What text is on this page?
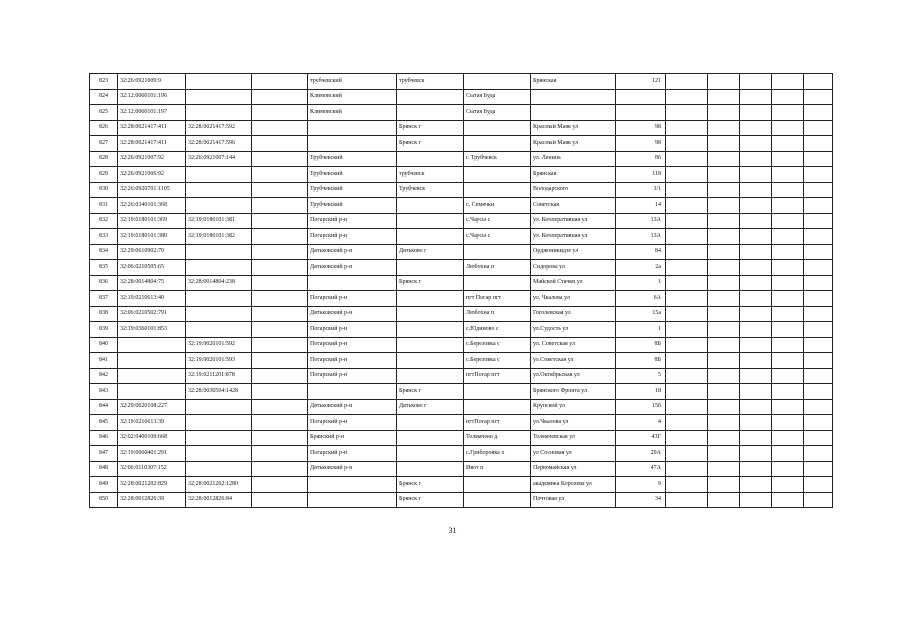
823	32:26:0921009:9			трубчевский	трубчевск		Брянская	121					
824	32:12:0060101:196			Климовский		Сытая Буда							
825	32:12:0060101:197			Климовский		Сытая Буда							
826	32:28:0021417:411	32:28:0021417:592			Брянск г		Красный Маяк ул	98					
827	32:28:0021417:411	32:28:0021417:596			Брянск г		Красный Маяк ул	98					
828	32:26:0921007:92	32:26:0921007:144		Трубчевский		г. Трубчевск	ул. Ленина	86					
829	32:26:0921006:92			Трубчевский	трубчевск		Брянская	118					
830	32:26:0920701:1105			Трубчевский	Трубчевск		Володарского	3/1					
831	32:26:0340101:368			Трубчевский		с. Семячки	Советская	14					
832	32:19:0180101:369	32:19:0180101:381		Погарский р-н		с.Чаусы с	ул. Кооперативная ул	13А					
833	32:19:0180101:380	32:19:0180101:382		Погарский р-н		с.Чаусы с	ул. Кооперативная ул	13А					
834	32:29:0610902:70			Дятьковский р-н	Дятьково г		Орджоникидзе ул	84					
835	32:06:0210505:65			Дятьковский р-н		Любохна п	Сидорова ул	2а					
836	32:28:0014804:75	32:28:0014804:238			Брянск г		Майской Стачки ул	1					
837	32:19:0210613:40			Погарский р-н		пгт Погар пгт	ул. Чкалова ул	6А					
838	32:06:0210502:791			Дятьковский р-н		Любохна п	Гоголевская ул	15а					
839	32:19:0360101:853			Погарский р-н		с.Юдиново с	ул.Судость ул	1					
840		32:19:0020101:592		Погарский р-н		с.Березовка с	ул. Советская ул	8Б					
841		32:19:0020101:593		Погарский р-н		с.Березовка с	ул.Советская ул	8Б					
842		32:19:0211201:878		Погарский р-н		пгтПогар пгт	ул.Октябрьская ул	5					
843		32:28:0030504:1428			Брянск г		Брянского Фронта ул	18					
844	32:29:0020108:227			Дятьковский р-н	Дятьково г		Крупской ул	15б					
845	32:19:0210613:39			Погарский р-н		пгтПогар пгт	ул.Чкалова ул	4					
846	32:02:0400109:668			Брянский р-н		Толмачево д	Толмачевская ул	43Г					
847	32:19:0060401:291			Погарский р-н		с.Гриборовка х	ул Сосновая ул	29А					
848	32:06:0110307:152			Дятьковский р-н		Ивот п	Первомайская ул	47А					
849	32:28:0021202:829	32:28:0021202:1280			Брянск г		академика Королева ул	9					
850	32:28:0012826:39	32:28:0012826:84			Брянск г		Почтовая ул	34					
31
